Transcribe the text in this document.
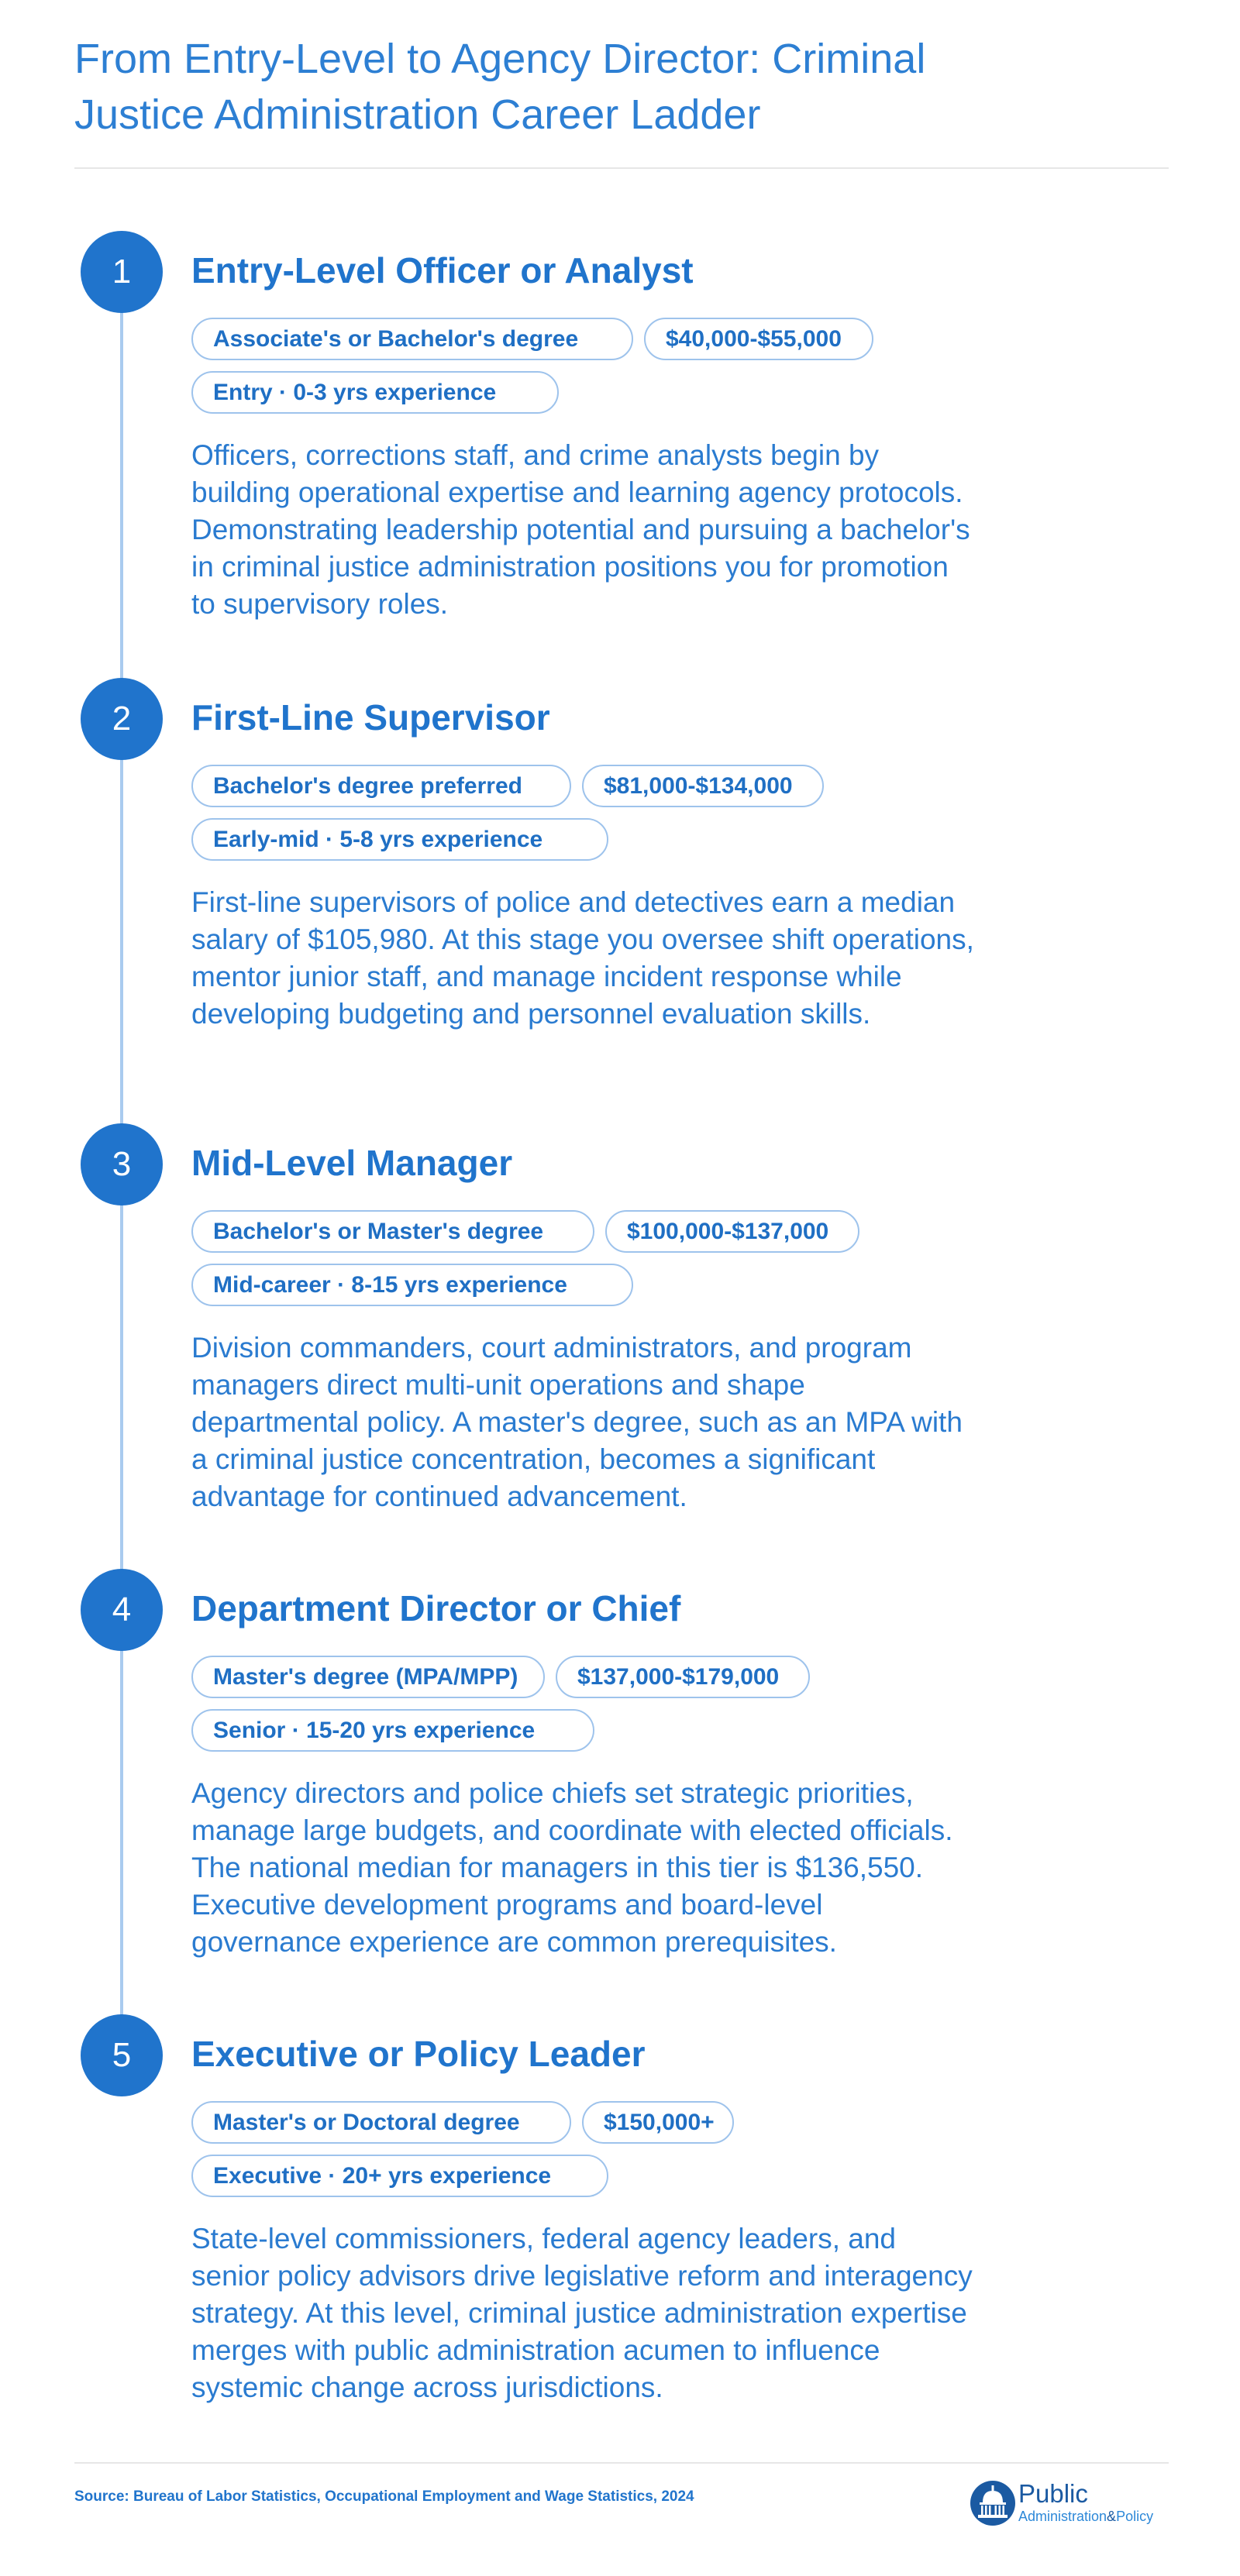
From Entry-Level to Agency Director: Criminal Justice Administration Career Ladder
1	Entry-Level Officer or Analyst
Associate's or Bachelor's degree	$40,000-$55,000
Entry · 0-3 yrs experience
Officers, corrections staff, and crime analysts begin by building operational expertise and learning agency protocols. Demonstrating leadership potential and pursuing a bachelor's in criminal justice administration positions you for promotion to supervisory roles.
2	First-Line Supervisor
Bachelor's degree preferred	$81,000-$134,000
Early-mid · 5-8 yrs experience
First-line supervisors of police and detectives earn a median salary of $105,980. At this stage you oversee shift operations, mentor junior staff, and manage incident response while developing budgeting and personnel evaluation skills.
3	Mid-Level Manager
Bachelor's or Master's degree	$100,000-$137,000
Mid-career · 8-15 yrs experience
Division commanders, court administrators, and program managers direct multi-unit operations and shape departmental policy. A master's degree, such as an MPA with a criminal justice concentration, becomes a significant advantage for continued advancement.
4	Department Director or Chief
Master's degree (MPA/MPP)	$137,000-$179,000
Senior · 15-20 yrs experience
Agency directors and police chiefs set strategic priorities, manage large budgets, and coordinate with elected officials. The national median for managers in this tier is $136,550. Executive development programs and board-level governance experience are common prerequisites.
5	Executive or Policy Leader
Master's or Doctoral degree	$150,000+
Executive · 20+ yrs experience
State-level commissioners, federal agency leaders, and senior policy advisors drive legislative reform and interagency strategy. At this level, criminal justice administration expertise merges with public administration acumen to influence systemic change across jurisdictions.
Source: Bureau of Labor Statistics, Occupational Employment and Wage Statistics, 2024	Public
Administration&Policy
